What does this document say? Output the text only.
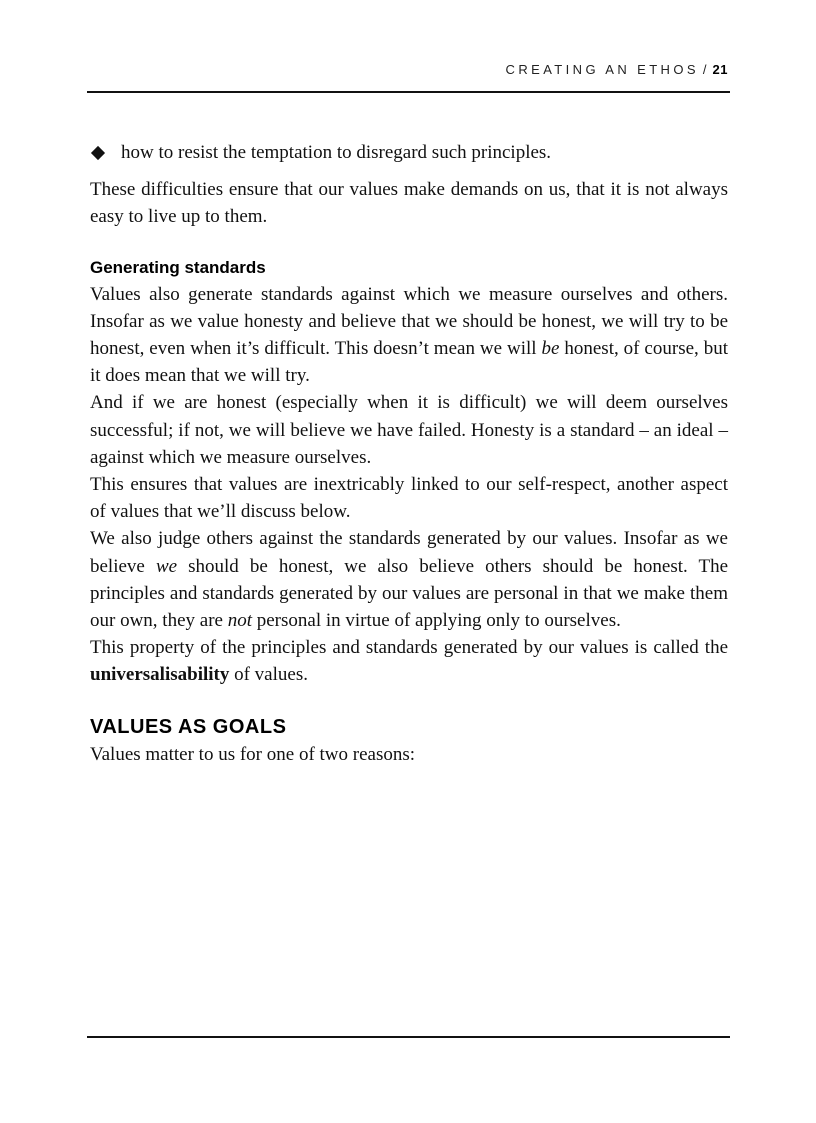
CREATING AN ETHOS / 21
how to resist the temptation to disregard such principles.

These difficulties ensure that our values make demands on us, that it is not always easy to live up to them.

Generating standards

Values also generate standards against which we measure ourselves and others. Insofar as we value honesty and believe that we should be honest, we will try to be honest, even when it’s difficult. This doesn’t mean we will be honest, of course, but it does mean that we will try.

And if we are honest (especially when it is difficult) we will deem ourselves successful; if not, we will believe we have failed. Honesty is a standard – an ideal – against which we measure ourselves.

This ensures that values are inextricably linked to our self-respect, another aspect of values that we’ll discuss below.

We also judge others against the standards generated by our values. Insofar as we believe we should be honest, we also believe others should be honest. The principles and standards generated by our values are personal in that we make them our own, they are not personal in virtue of applying only to ourselves.

This property of the principles and standards generated by our values is called the universalisability of values.

VALUES AS GOALS

Values matter to us for one of two reasons:
